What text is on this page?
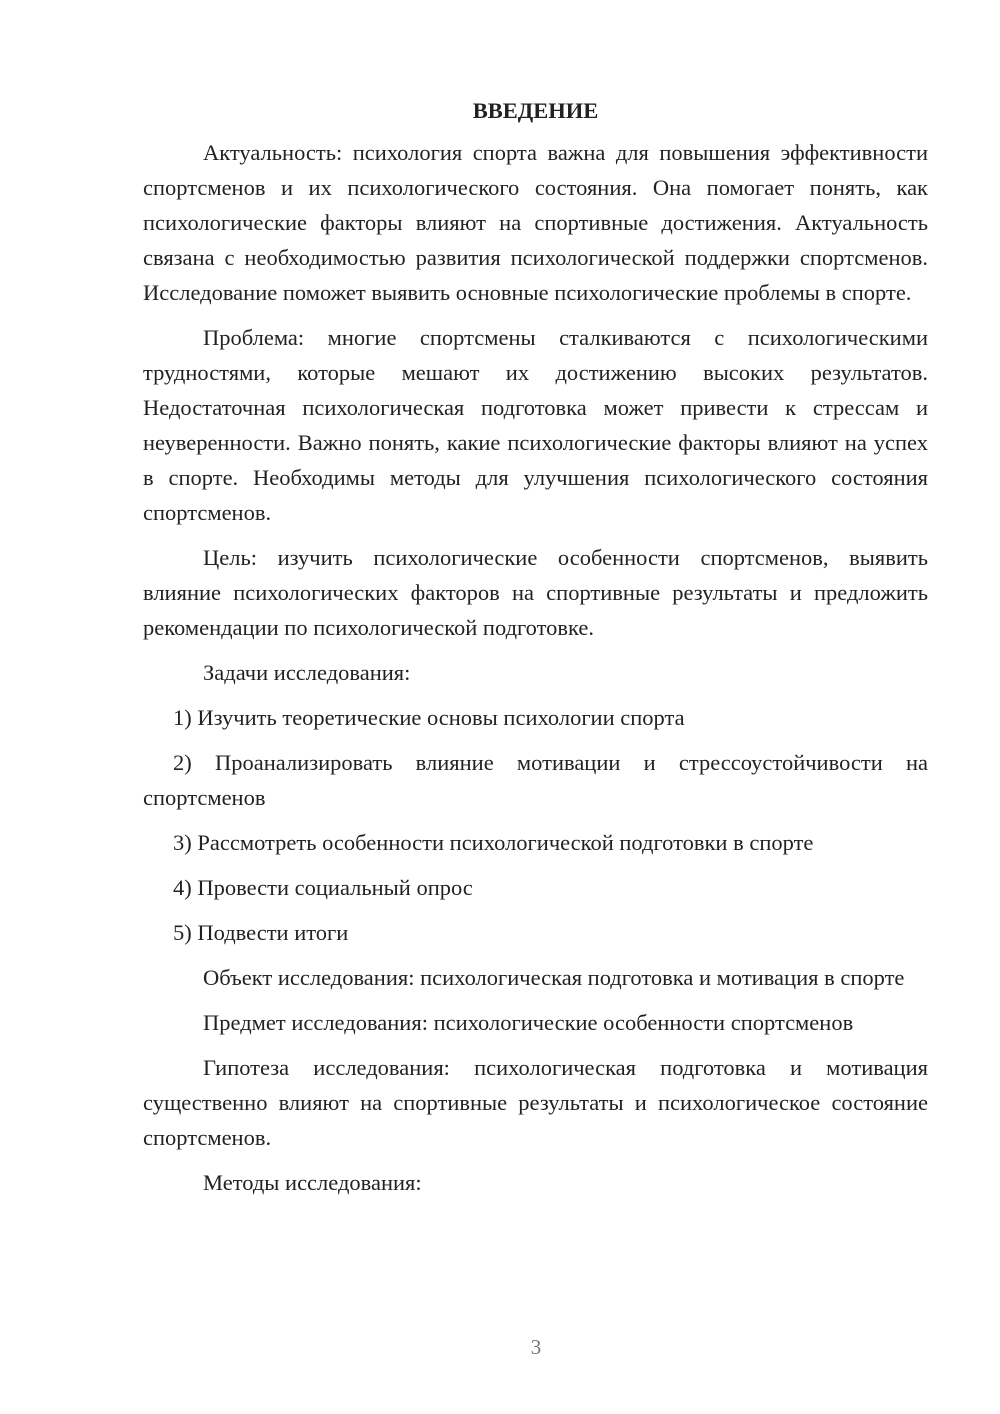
ВВЕДЕНИЕ

Актуальность: психология спорта важна для повышения эффективности спортсменов и их психологического состояния. Она помогает понять, как психологические факторы влияют на спортивные достижения. Актуальность связана с необходимостью развития психологической поддержки спортсменов. Исследование поможет выявить основные психологические проблемы в спорте.

Проблема: многие спортсмены сталкиваются с психологическими трудностями, которые мешают их достижению высоких результатов. Недостаточная психологическая подготовка может привести к стрессам и неуверенности. Важно понять, какие психологические факторы влияют на успех в спорте. Необходимы методы для улучшения психологического состояния спортсменов.

Цель: изучить психологические особенности спортсменов, выявить влияние психологических факторов на спортивные результаты и предложить рекомендации по психологической подготовке.

Задачи исследования:

1) Изучить теоретические основы психологии спорта

2) Проанализировать влияние мотивации и стрессоустойчивости на спортсменов

3) Рассмотреть особенности психологической подготовки в спорте

4) Провести социальный опрос

5) Подвести итоги

Объект исследования: психологическая подготовка и мотивация в спорте

Предмет исследования: психологические особенности спортсменов

Гипотеза исследования: психологическая подготовка и мотивация существенно влияют на спортивные результаты и психологическое состояние спортсменов.

Методы исследования:

3
